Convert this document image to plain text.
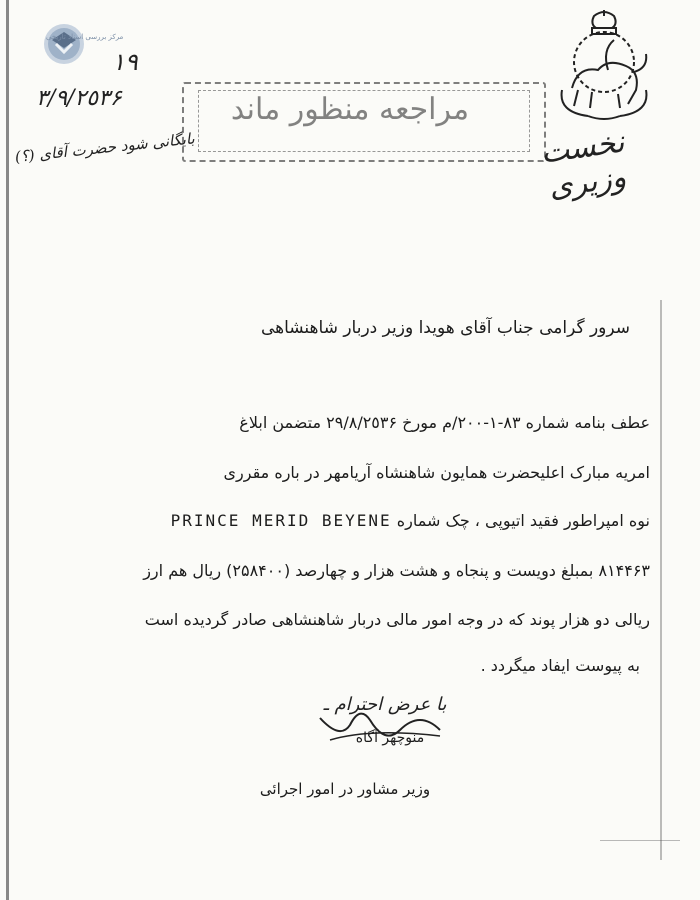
مرکز بررسی اسناد تاریخی
١٩
٣/٩/٢٥٣۶
بایگانی شود حضرت آقای (؟)
مراجعه منظور ماند
نخست وزیری
سرور گرامی جناب آقای هویدا وزیر دربار شاهنشاهی
عطف بنامه شماره ٨٣-١-٢٠٠/م مورخ ٢٩/٨/٢٥٣۶ متضمن ابلاغ
امریه مبارک اعلیحضرت همایون شاهنشاه آریامهر در باره مقرری
نوه امپراطور فقید اتیوپی ، چک شماره PRINCE MERID BEYENE
٨١۴۴۶٣ بمبلغ دویست و پنجاه و هشت هزار و چهارصد (٢۵٨۴٠٠) ریال هم ارز
ریالی دو هزار پوند که در وجه امور مالی دربار شاهنشاهی صادر گردیده است
به پیوست ایفاد میگردد .
با عرض احترام ـ
منوچهر آگاه
وزیر مشاور در امور اجرائی
